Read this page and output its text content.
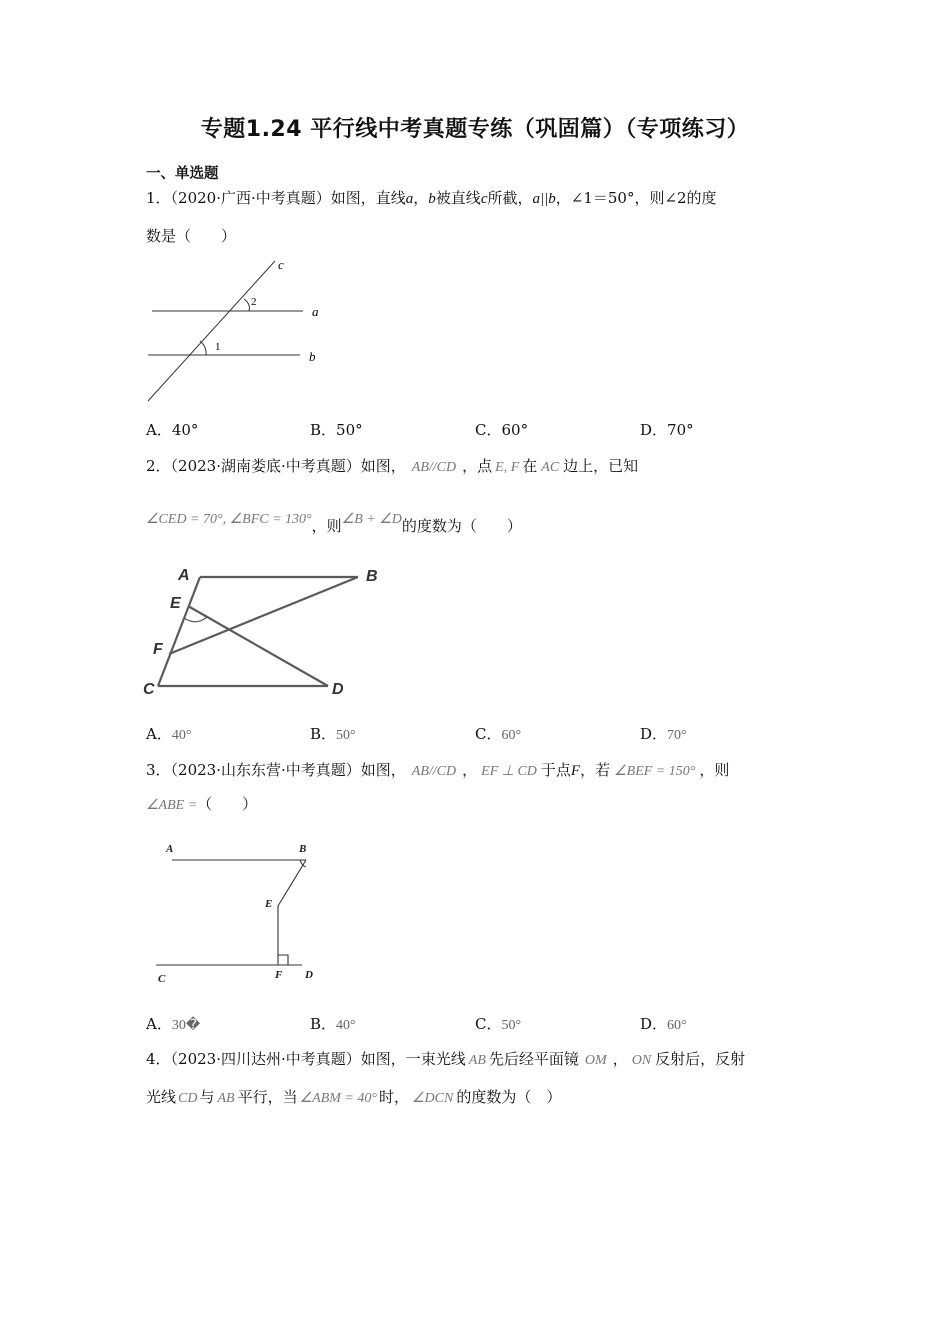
专题1.24 平行线中考真题专练（巩固篇）（专项练习）
一、单选题
1．（2020·广西·中考真题）如图，直线a，b被直线c所截，a||b，∠1＝50°，则∠2的度
数是（　　）
c
a
b
2
1
A．40°	B．50°	C．60°	D．70°
2．（2023·湖南娄底·中考真题）如图， AB//CD ，点 E, F 在 AC 边上，已知
∠CED = 70°, ∠BFC = 130°，则∠B + ∠D的度数为（　　）
A	B
E
F
C	D
A．40°	B．50°	C．60°	D．70°
3．（2023·山东东营·中考真题）如图， AB//CD ， EF ⊥ CD 于点F，若 ∠BEF = 150° ，则
∠ABE =（　　）
A	B
E
C	F D
A．30�	B．40°	C．50°	D．60°
4．（2023·四川达州·中考真题）如图，一束光线 AB 先后经平面镜 OM ， ON 反射后，反射
光线 CD 与 AB 平行，当 ∠ABM = 40° 时， ∠DCN 的度数为（　）
